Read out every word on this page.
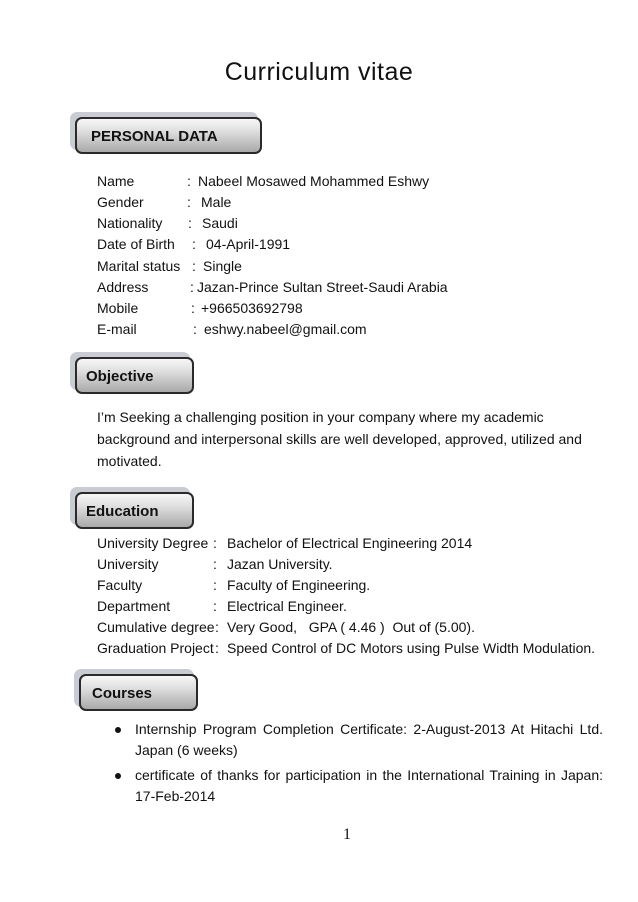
Curriculum vitae
PERSONAL DATA
Name	: Nabeel Mosawed Mohammed Eshwy
Gender	: Male
Nationality : Saudi
Date of Birth : 04-April-1991
Marital status : Single
Address	: Jazan-Prince Sultan Street-Saudi Arabia
Mobile	: +966503692798
E-mail	: eshwy.nabeel@gmail.com
Objective
I’m Seeking a challenging position in your company where my academic background and interpersonal skills are well developed, approved, utilized and motivated.
Education
University Degree : Bachelor of Electrical Engineering 2014
University	: Jazan University.
Faculty	: Faculty of Engineering.
Department	: Electrical Engineer.
Cumulative degree : Very Good,   GPA ( 4.46 )  Out of (5.00).
Graduation Project : Speed Control of DC Motors using Pulse Width Modulation.
Courses
Internship Program Completion Certificate: 2-August-2013 At Hitachi Ltd. Japan (6 weeks)
certificate of thanks for participation in the International Training in Japan: 17-Feb-2014
1
